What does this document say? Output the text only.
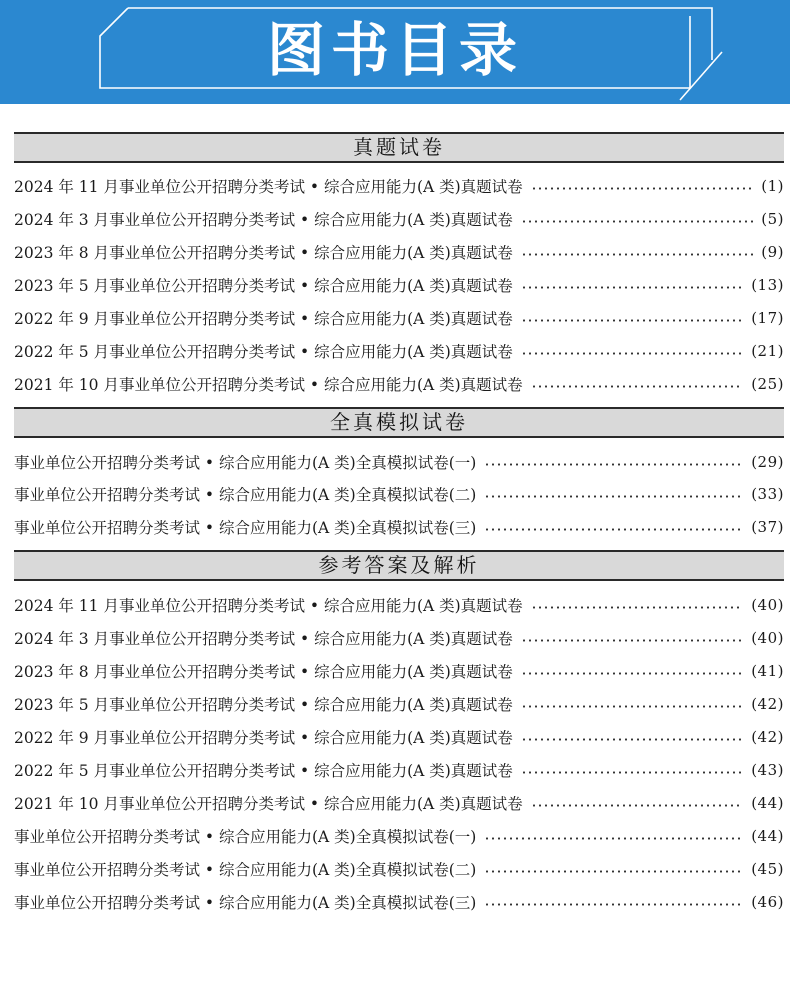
图书目录
真题试卷
2024 年 11 月事业单位公开招聘分类考试 • 综合应用能力(A 类)真题试卷	(1)
2024 年 3 月事业单位公开招聘分类考试 • 综合应用能力(A 类)真题试卷	(5)
2023 年 8 月事业单位公开招聘分类考试 • 综合应用能力(A 类)真题试卷	(9)
2023 年 5 月事业单位公开招聘分类考试 • 综合应用能力(A 类)真题试卷	(13)
2022 年 9 月事业单位公开招聘分类考试 • 综合应用能力(A 类)真题试卷	(17)
2022 年 5 月事业单位公开招聘分类考试 • 综合应用能力(A 类)真题试卷	(21)
2021 年 10 月事业单位公开招聘分类考试 • 综合应用能力(A 类)真题试卷	(25)
全真模拟试卷
事业单位公开招聘分类考试 • 综合应用能力(A 类)全真模拟试卷(一)	(29)
事业单位公开招聘分类考试 • 综合应用能力(A 类)全真模拟试卷(二)	(33)
事业单位公开招聘分类考试 • 综合应用能力(A 类)全真模拟试卷(三)	(37)
参考答案及解析
2024 年 11 月事业单位公开招聘分类考试 • 综合应用能力(A 类)真题试卷	(40)
2024 年 3 月事业单位公开招聘分类考试 • 综合应用能力(A 类)真题试卷	(40)
2023 年 8 月事业单位公开招聘分类考试 • 综合应用能力(A 类)真题试卷	(41)
2023 年 5 月事业单位公开招聘分类考试 • 综合应用能力(A 类)真题试卷	(42)
2022 年 9 月事业单位公开招聘分类考试 • 综合应用能力(A 类)真题试卷	(42)
2022 年 5 月事业单位公开招聘分类考试 • 综合应用能力(A 类)真题试卷	(43)
2021 年 10 月事业单位公开招聘分类考试 • 综合应用能力(A 类)真题试卷	(44)
事业单位公开招聘分类考试 • 综合应用能力(A 类)全真模拟试卷(一)	(44)
事业单位公开招聘分类考试 • 综合应用能力(A 类)全真模拟试卷(二)	(45)
事业单位公开招聘分类考试 • 综合应用能力(A 类)全真模拟试卷(三)	(46)
